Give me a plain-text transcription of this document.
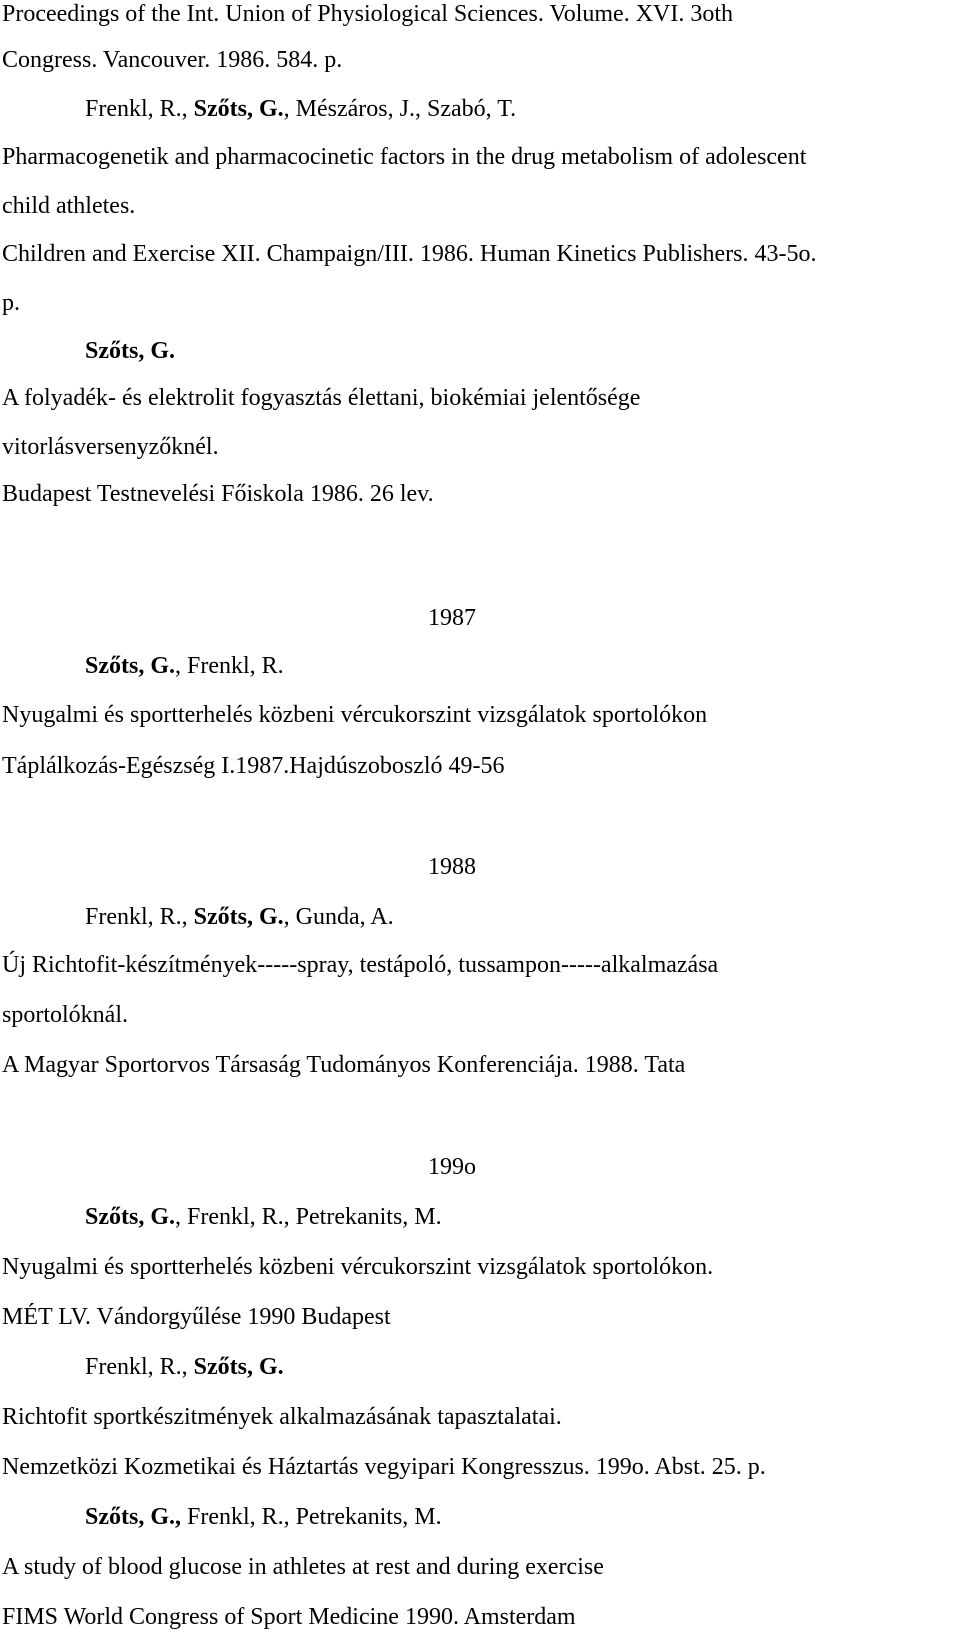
Proceedings of the Int. Union of Physiological Sciences. Volume. XVI. 3oth
Congress. Vancouver. 1986. 584. p.
Frenkl, R., Szőts, G., Mészáros, J., Szabó, T.
Pharmacogenetik and pharmacocinetic factors in the drug metabolism of adolescent
child athletes.
Children and Exercise XII. Champaign/III. 1986. Human Kinetics Publishers. 43-5o.
p.
Szőts, G.
A folyadék- és elektrolit fogyasztás élettani, biokémiai jelentősége
vitorlásversenyzőknél.
Budapest Testnevelési Főiskola 1986. 26 lev.
1987
Szőts, G., Frenkl, R.
Nyugalmi és sportterhelés közbeni vércukorszint vizsgálatok sportolókon
Táplálkozás-Egészség I.1987.Hajdúszoboszló 49-56
1988
Frenkl, R., Szőts, G., Gunda, A.
Új Richtofit-készítmények-----spray, testápoló, tussampon-----alkalmazása
sportolóknál.
A Magyar Sportorvos Társaság Tudományos Konferenciája. 1988. Tata
199o
Szőts, G., Frenkl, R., Petrekanits, M.
Nyugalmi és sportterhelés közbeni vércukorszint vizsgálatok sportolókon.
MÉT LV. Vándorgyűlése 1990 Budapest
Frenkl, R., Szőts, G.
Richtofit sportkészitmények alkalmazásának tapasztalatai.
Nemzetközi Kozmetikai és Háztartás vegyipari Kongresszus. 199o. Abst. 25. p.
Szőts, G., Frenkl, R., Petrekanits, M.
A study of blood glucose in athletes at rest and during exercise
FIMS World Congress of Sport Medicine 1990. Amsterdam
